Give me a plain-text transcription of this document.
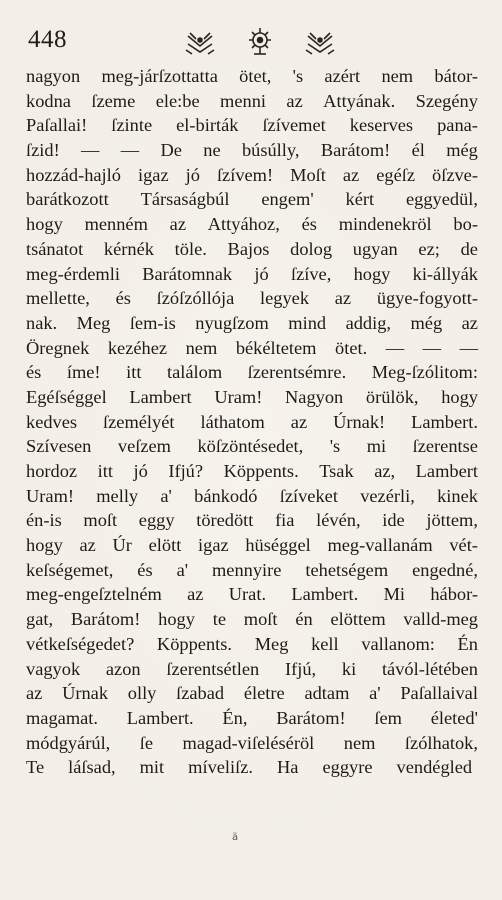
448
nagyon meg-járſzottatta ötet, 's azért nem bátor-
kodna ſzeme ele:be menni az Attyának. Szegény
Paſallai! ſzinte el-birták ſzívemet keserves pana-
ſzid! — — De ne búsúlly, Barátom! él még
hozzád-hajló igaz jó ſzívem! Moſt az egéſz öſzve-
barátkozott Társaságbúl engem' kért eggyedül,
hogy menném az Attyához, és mindenekröl bo-
tsánatot kérnék töle. Bajos dolog ugyan ez; de
meg-érdemli Barátomnak jó ſzíve, hogy ki-állyák
mellette, és ſzóſzóllója legyek az ügye-fogyott-
nak. Meg ſem-is nyugſzom mind addig, még az
Öregnek kezéhez nem békéltetem ötet. — — —
és íme! itt találom ſzerentsémre. Meg-ſzólitom:
Egéſséggel Lambert Uram! Nagyon örülök, hogy
kedves ſzemélyét láthatom az Úrnak! Lambert.
Szívesen veſzem köſzöntésedet, 's mi ſzerentse
hordoz itt jó Ifjú? Köppents. Tsak az, Lambert
Uram! melly a' bánkodó ſzíveket vezérli, kinek
én-is moſt eggy töredött fia lévén, ide jöttem,
hogy az Úr elött igaz hüséggel meg-vallanám vét-
keſségemet, és a' mennyire tehetségem engedné,
meg-engeſztelném az Urat. Lambert. Mi hábor-
gat, Barátom! hogy te moſt én elöttem valld-meg
vétkeſségedet? Köppents. Meg kell vallanom: Én
vagyok azon ſzerentsétlen Ifjú, ki távól-létében
az Úrnak olly ſzabad életre adtam a' Paſallaival
magamat. Lambert. Én, Barátom! ſem életed'
módgyárúl, ſe magad-viſeléséröl nem ſzólhatok,
Te láſsad, mit míveliſz. Ha eggyre vendégled
ä
